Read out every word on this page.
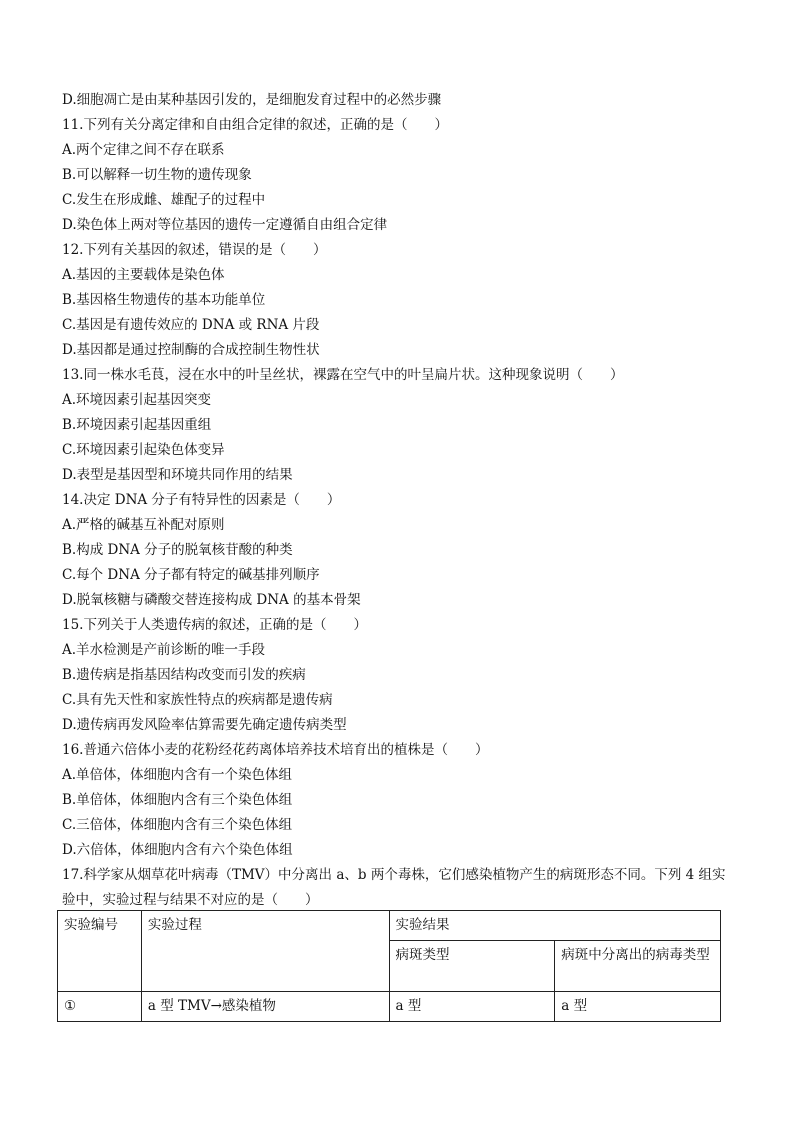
D.细胞凋亡是由某种基因引发的，是细胞发育过程中的必然步骤
11.下列有关分离定律和自由组合定律的叙述，正确的是（　　）
A.两个定律之间不存在联系
B.可以解释一切生物的遗传现象
C.发生在形成雌、雄配子的过程中
D.染色体上两对等位基因的遗传一定遵循自由组合定律
12.下列有关基因的叙述，错误的是（　　）
A.基因的主要载体是染色体
B.基因格生物遗传的基本功能单位
C.基因是有遗传效应的 DNA 或 RNA 片段
D.基因都是通过控制酶的合成控制生物性状
13.同一株水毛茛，浸在水中的叶呈丝状，裸露在空气中的叶呈扁片状。这种现象说明（　　）
A.环境因素引起基因突变
B.环境因素引起基因重组
C.环境因素引起染色体变异
D.表型是基因型和环境共同作用的结果
14.决定 DNA 分子有特异性的因素是（　　）
A.严格的碱基互补配对原则
B.构成 DNA 分子的脱氧核苷酸的种类
C.每个 DNA 分子都有特定的碱基排列顺序
D.脱氧核糖与磷酸交替连接构成 DNA 的基本骨架
15.下列关于人类遗传病的叙述，正确的是（　　）
A.羊水检测是产前诊断的唯一手段
B.遗传病是指基因结构改变而引发的疾病
C.具有先天性和家族性特点的疾病都是遗传病
D.遗传病再发风险率估算需要先确定遗传病类型
16.普通六倍体小麦的花粉经花药离体培养技术培育出的植株是（　　）
A.单倍体，体细胞内含有一个染色体组
B.单倍体，体细胞内含有三个染色体组
C.三倍体，体细胞内含有三个染色体组
D.六倍体，体细胞内含有六个染色体组
17.科学家从烟草花叶病毒（TMV）中分离出 a、b 两个毒株，它们感染植物产生的病斑形态不同。下列 4 组实验中，实验过程与结果不对应的是（　　）
实验编号	实验过程	实验结果	
		病斑类型	病斑中分离出的病毒类型
①	a 型 TMV→感染植物	a 型	a 型
